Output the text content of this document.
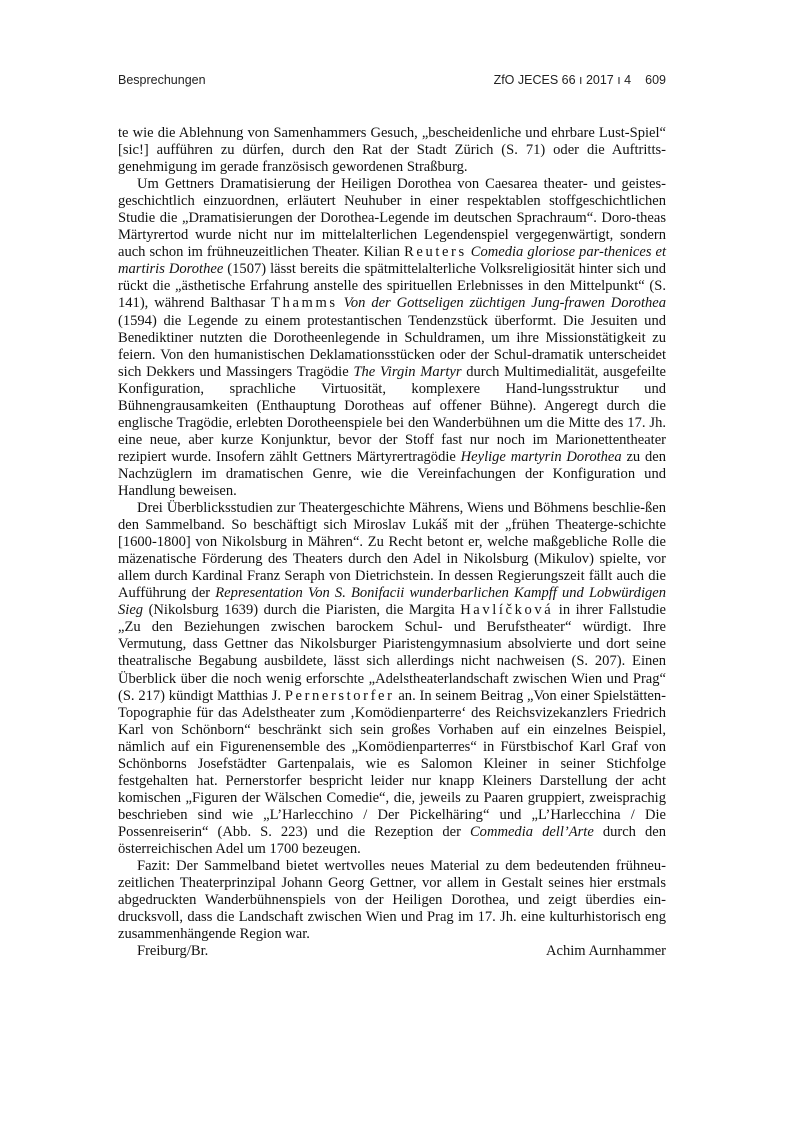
Besprechungen	ZfO JECES 66 ı 2017 ı 4 609

te wie die Ablehnung von Samenhammers Gesuch, „bescheidenliche und ehrbare Lust-Spiel“ [sic!] aufführen zu dürfen, durch den Rat der Stadt Zürich (S. 71) oder die Auftritts-genehmigung im gerade französisch gewordenen Straßburg.

Um Gettners Dramatisierung der Heiligen Dorothea von Caesarea theater- und geistes-geschichtlich einzuordnen, erläutert Neuhuber in einer respektablen stoffgeschichtlichen Studie die „Dramatisierungen der Dorothea-Legende im deutschen Sprachraum“. Doro-theas Märtyrertod wurde nicht nur im mittelalterlichen Legendenspiel vergegenwärtigt, sondern auch schon im frühneuzeitlichen Theater. Kilian Reuters Comedia gloriose par-thenices et martiris Dorothee (1507) lässt bereits die spätmittelalterliche Volksreligiosität hinter sich und rückt die „ästhetische Erfahrung anstelle des spirituellen Erlebnisses in den Mittelpunkt“ (S. 141), während Balthasar Thamms Von der Gottseligen züchtigen Jung-frawen Dorothea (1594) die Legende zu einem protestantischen Tendenzstück überformt. Die Jesuiten und Benediktiner nutzten die Dorotheenlegende in Schuldramen, um ihre Missionstätigkeit zu feiern. Von den humanistischen Deklamationsstücken oder der Schul-dramatik unterscheidet sich Dekkers und Massingers Tragödie The Virgin Martyr durch Multimedialität, ausgefeilte Konfiguration, sprachliche Virtuosität, komplexere Hand-lungsstruktur und Bühnengrausamkeiten (Enthauptung Dorotheas auf offener Bühne). Angeregt durch die englische Tragödie, erlebten Dorotheenspiele bei den Wanderbühnen um die Mitte des 17. Jh. eine neue, aber kurze Konjunktur, bevor der Stoff fast nur noch im Marionettentheater rezipiert wurde. Insofern zählt Gettners Märtyrertragödie Heylige martyrin Dorothea zu den Nachzüglern im dramatischen Genre, wie die Vereinfachungen der Konfiguration und Handlung beweisen.

Drei Überblicksstudien zur Theatergeschichte Mährens, Wiens und Böhmens beschlie-ßen den Sammelband. So beschäftigt sich Miroslav Lukáš mit der „frühen Theaterge-schichte [1600-1800] von Nikolsburg in Mähren“. Zu Recht betont er, welche maßgebliche Rolle die mäzenatische Förderung des Theaters durch den Adel in Nikolsburg (Mikulov) spielte, vor allem durch Kardinal Franz Seraph von Dietrichstein. In dessen Regierungszeit fällt auch die Aufführung der Representation Von S. Bonifacii wunderbarlichen Kampff und Lobwürdigen Sieg (Nikolsburg 1639) durch die Piaristen, die Margita Havlíčková in ihrer Fallstudie „Zu den Beziehungen zwischen barockem Schul- und Berufstheater“ würdigt. Ihre Vermutung, dass Gettner das Nikolsburger Piaristengymnasium absolvierte und dort seine theatralische Begabung ausbildete, lässt sich allerdings nicht nachweisen (S. 207). Einen Überblick über die noch wenig erforschte „Adelstheaterlandschaft zwischen Wien und Prag“ (S. 217) kündigt Matthias J. Pernerstorfer an. In seinem Beitrag „Von einer Spielstätten-Topographie für das Adelstheater zum ‚Komödienparterre‘ des Reichsvizekanzlers Friedrich Karl von Schönborn“ beschränkt sich sein großes Vorhaben auf ein einzelnes Beispiel, nämlich auf ein Figurenensemble des „Komödienparterres“ in Fürstbischof Karl Graf von Schönborns Josefstädter Gartenpalais, wie es Salomon Kleiner in seiner Stichfolge festgehalten hat. Pernerstorfer bespricht leider nur knapp Kleiners Darstellung der acht komischen „Figuren der Wälschen Comedie“, die, jeweils zu Paaren gruppiert, zweisprachig beschrieben sind wie „L’Harlecchino / Der Pickelhäring“ und „L’Harlecchina / Die Possenreiserin“ (Abb. S. 223) und die Rezeption der Commedia dell’Arte durch den österreichischen Adel um 1700 bezeugen.

Fazit: Der Sammelband bietet wertvolles neues Material zu dem bedeutenden frühneu-zeitlichen Theaterprinzipal Johann Georg Gettner, vor allem in Gestalt seines hier erstmals abgedruckten Wanderbühnenspiels von der Heiligen Dorothea, und zeigt überdies ein-drucksvoll, dass die Landschaft zwischen Wien und Prag im 17. Jh. eine kulturhistorisch eng zusammenhängende Region war.

Freiburg/Br.	Achim Aurnhammer
